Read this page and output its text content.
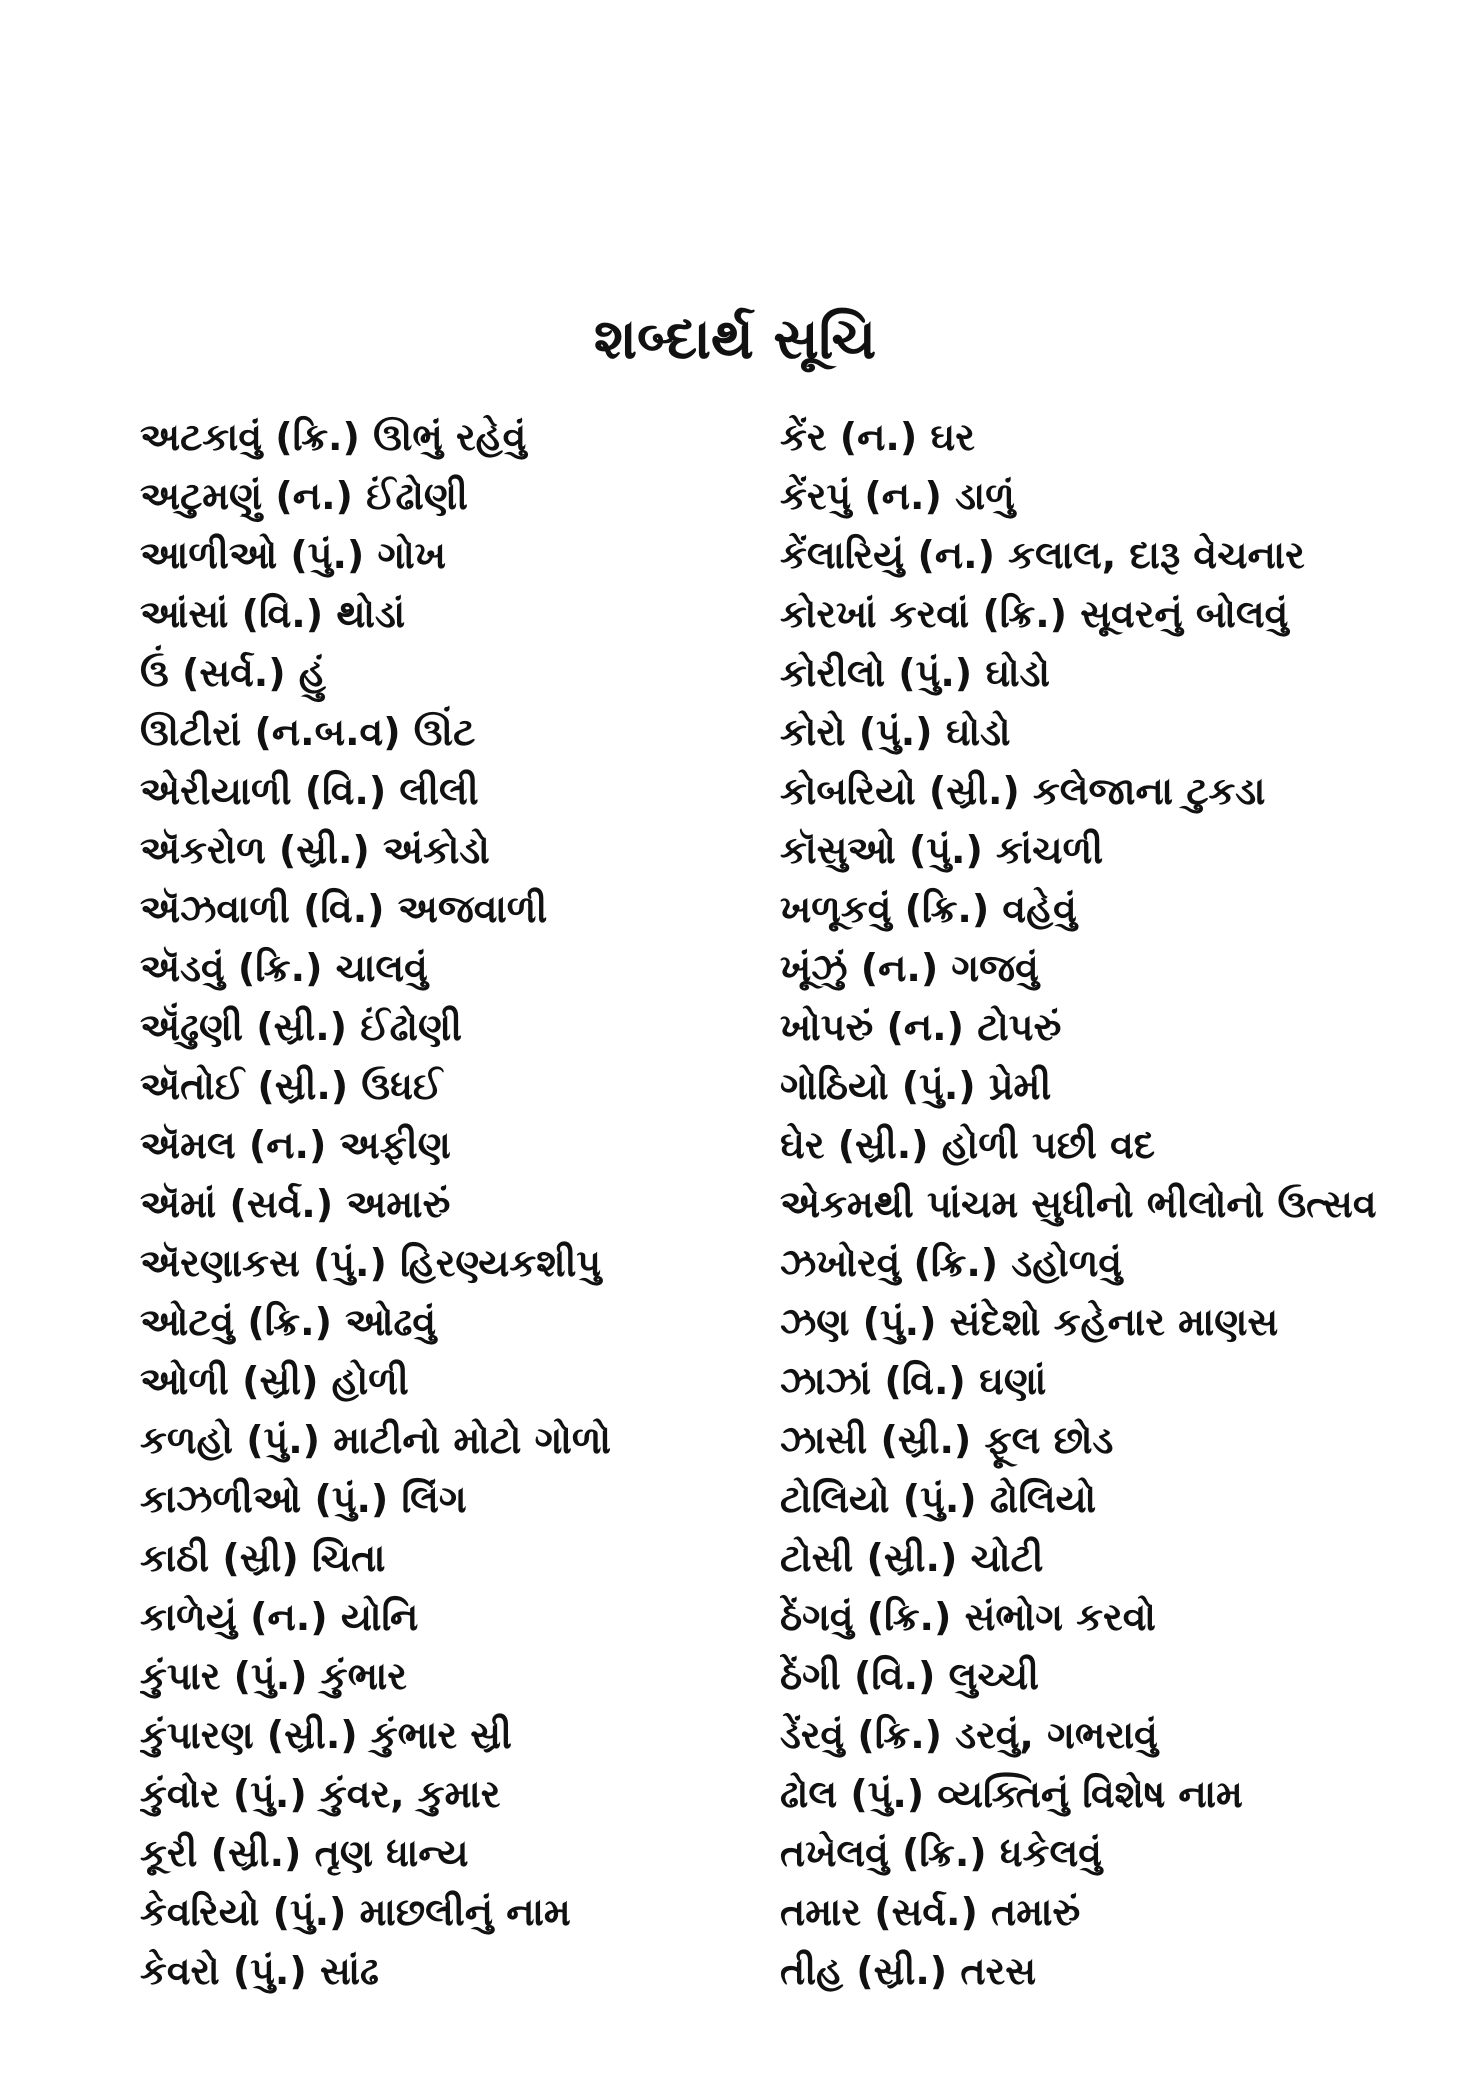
શબ્દાર્થ સૂચિ
અટકાવું (ક્રિ.) ઊભું રહેવું
અટુમણું (ન.) ઈંઢોણી
આળીઓ (પું.) ગોખ
આંસાં (વિ.) થોડાં
ઉં (સર્વ.) હું
ઊટીરાં (ન.બ.વ) ઊંટ
એરીયાળી (વિ.) લીલી
ઍકરોળ (સ્રી.) અંકોડો
ઍઝવાળી (વિ.) અજવાળી
ઍડવું (ક્રિ.) ચાલવું
ઍંઢુણી (સ્રી.) ઈંઢોણી
ઍતોઈ (સ્રી.) ઉધઈ
ઍમલ (ન.) અફીણ
ઍમાં (સર્વ.) અમારું
ઍરણાકસ (પું.) હિરણ્યકશીપુ
ઓટવું (ક્રિ.) ઓઢવું
ઓળી (સ્રી) હોળી
કળહો (પું.) માટીનો મોટો ગોળો
કાઝળીઓ (પું.) લિંગ
કાઠી (સ્રી) ચિતા
કાળેયું (ન.) યોનિ
કુંપાર (પું.) કુંભાર
કુંપારણ (સ્રી.) કુંભાર સ્રી
કુંવોર (પું.) કુંવર, કુમાર
કૂરી (સ્રી.) તૃણ ધાન્ય
કેવરિયો (પું.) માછલીનું નામ
કેવરો (પું.) સાંઢ
કેંર (ન.) ઘર
કેંરપું (ન.) ડાળું
કેંલારિયું (ન.) કલાલ, દારૂ વેચનાર
કોરખાં કરવાં (ક્રિ.) સૂવરનું બોલવું
કોરીલો (પું.) ઘોડો
કોરો (પું.) ઘોડો
કોબરિયો (સ્રી.) કલેજાના ટુકડા
કૉસુઓ (પું.) કાંચળી
ખળૂકવું (ક્રિ.) વહેવું
ખૂંઝું (ન.) ગજવું
ખોપરું (ન.) ટોપરું
ગોઠિયો (પું.) પ્રેમી
ઘેર (સ્રી.) હોળી પછી વદ
એકમથી પાંચમ સુધીનો ભીલોનો ઉત્સવ
ઝખોરવું (ક્રિ.) ડહોળવું
ઝણ (પું.) સંદેશો કહેનાર માણસ
ઝાઝાં (વિ.) ઘણાં
ઝાસી (સ્રી.) ફૂલ છોડ
ટોલિયો (પું.) ઢોલિયો
ટોસી (સ્રી.) ચોટી
ઠેંગવું (ક્રિ.) સંભોગ કરવો
ઠેંગી (વિ.) લુચ્ચી
ડેંરવું (ક્રિ.) ડરવું, ગભરાવું
ઢોલ (પું.) વ્યક્તિનું વિશેષ નામ
તખેલવું (ક્રિ.) ધકેલવું
તમાર (સર્વ.) તમારું
તીહ (સ્રી.) તરસ
